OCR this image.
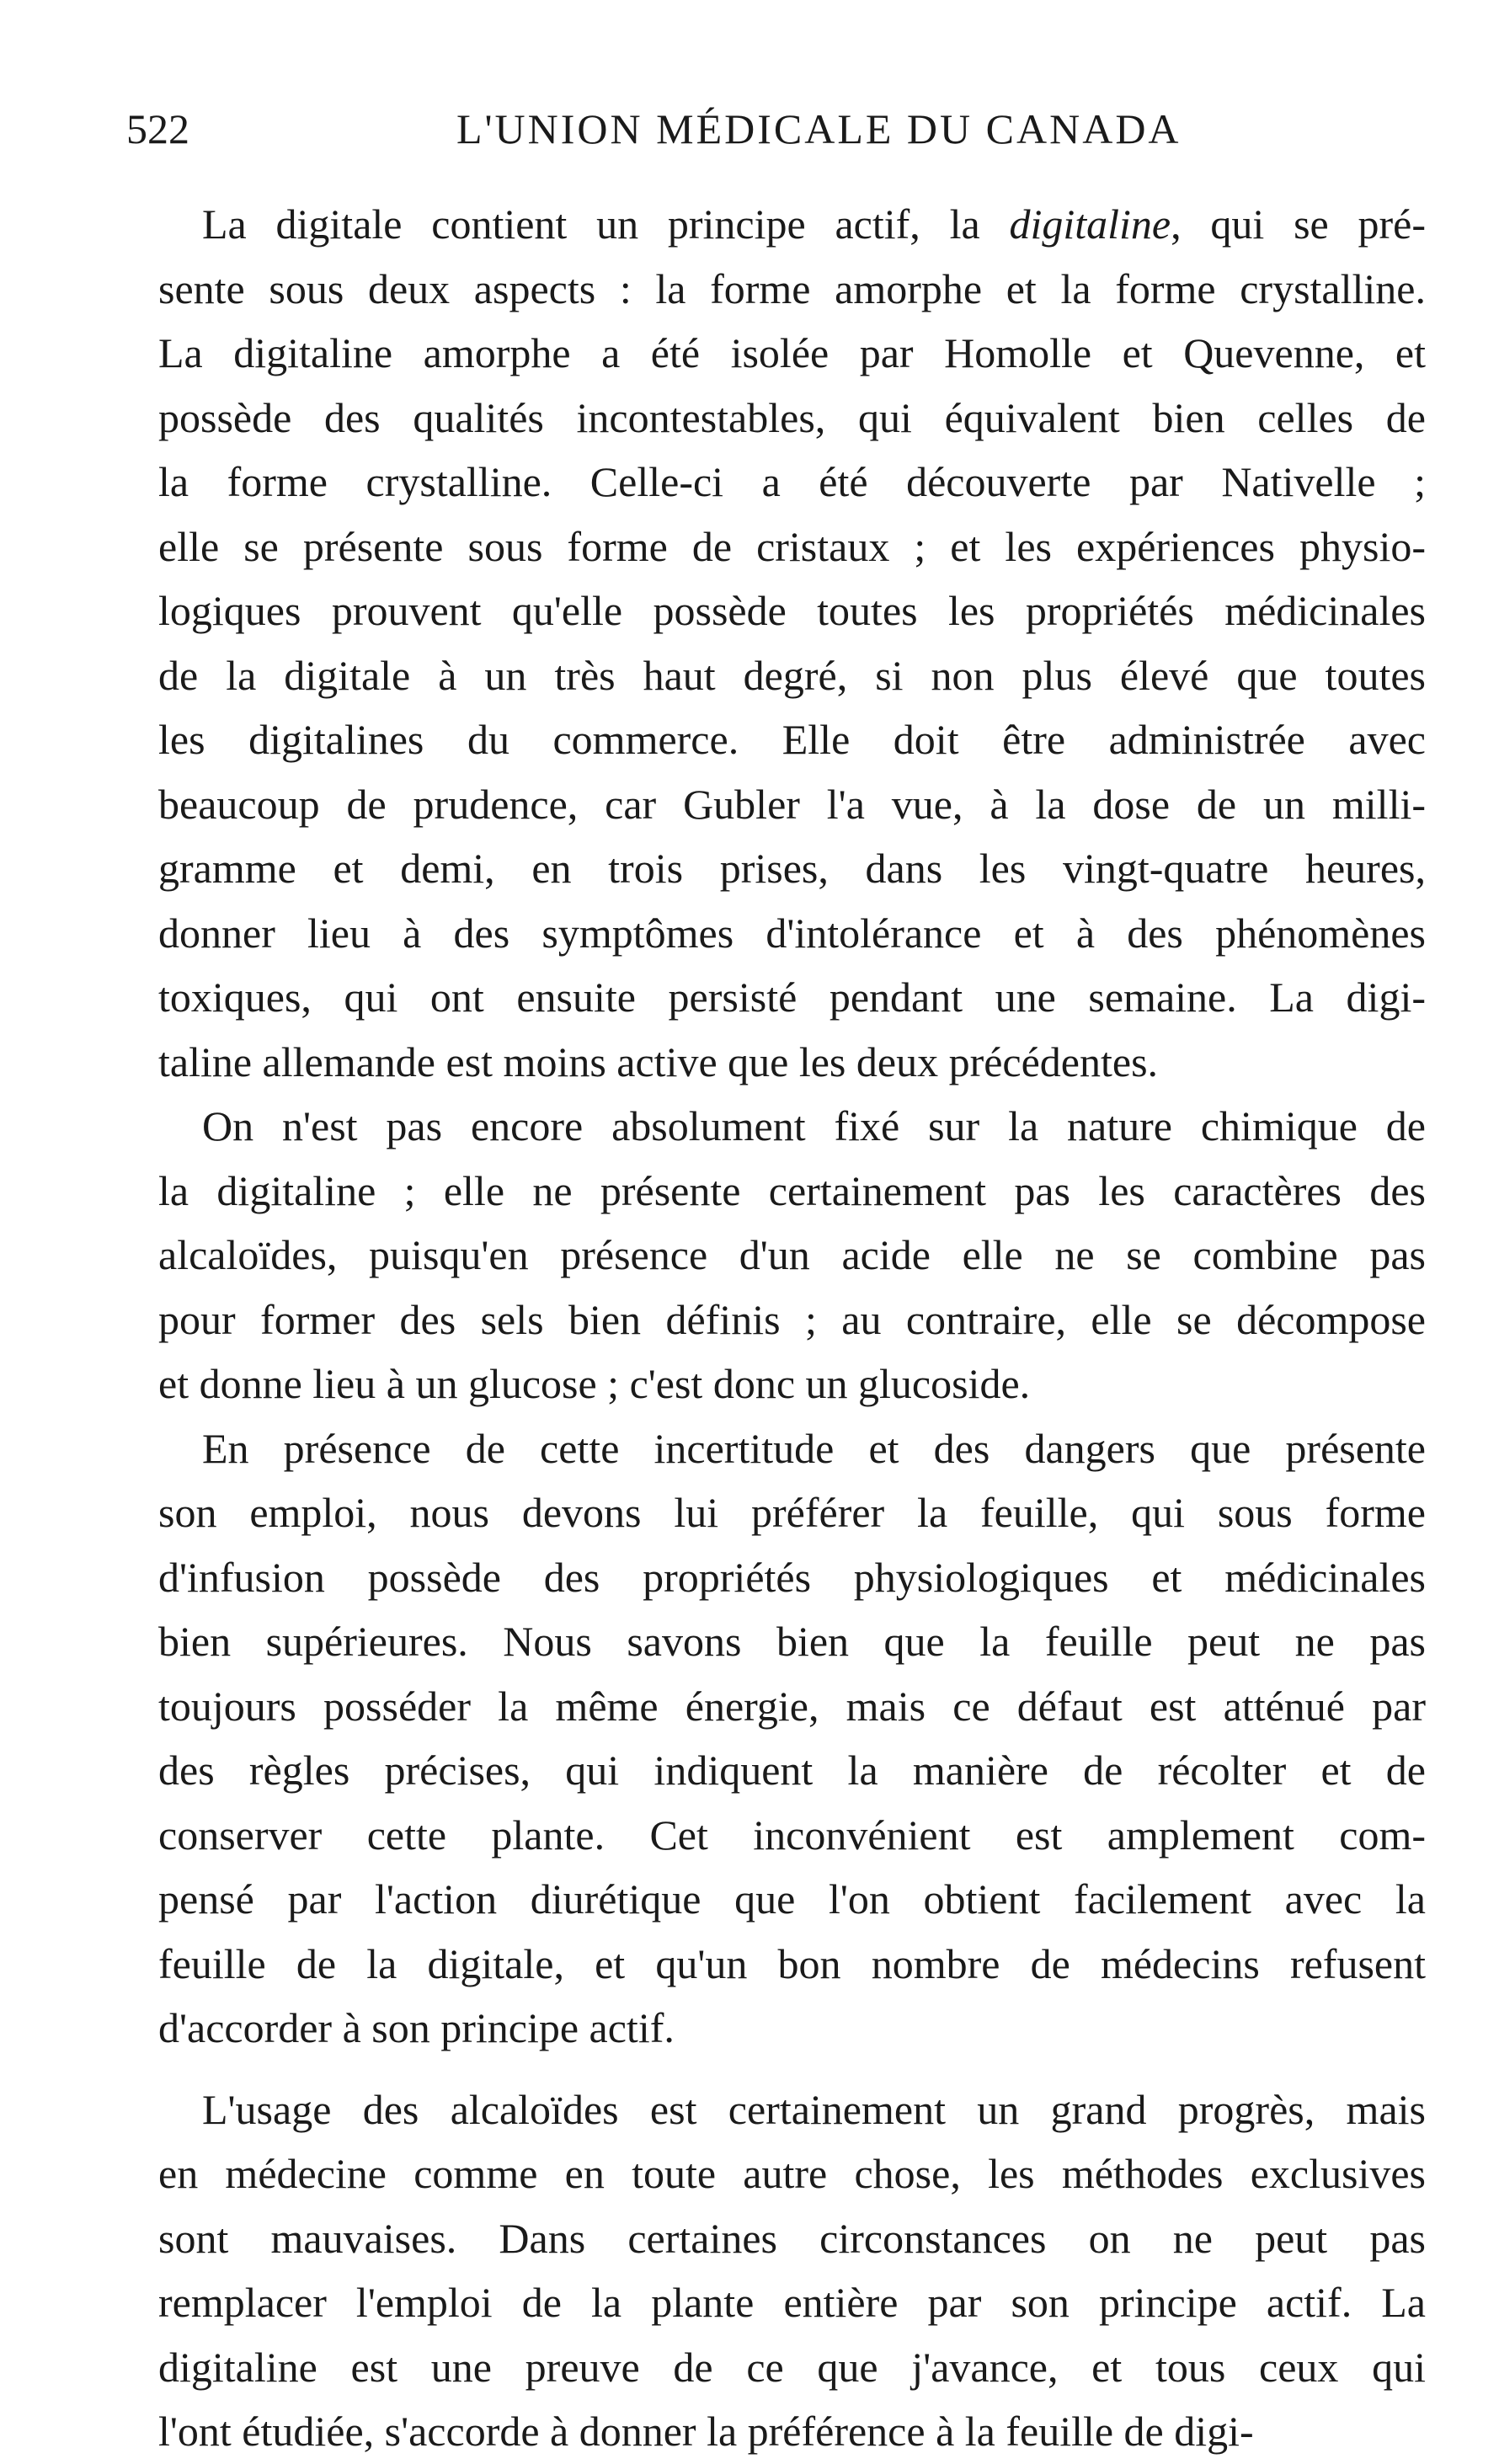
522	L'UNION MÉDICALE DU CANADA
La digitale contient un principe actif, la digitaline, qui se pré-
sente sous deux aspects : la forme amorphe et la forme crystalline.
La digitaline amorphe a été isolée par Homolle et Quevenne, et
possède des qualités incontestables, qui équivalent bien celles de
la forme crystalline. Celle-ci a été découverte par Nativelle ;
elle se présente sous forme de cristaux ; et les expériences physio-
logiques prouvent qu'elle possède toutes les propriétés médicinales
de la digitale à un très haut degré, si non plus élevé que toutes
les digitalines du commerce. Elle doit être administrée avec
beaucoup de prudence, car Gubler l'a vue, à la dose de un milli-
gramme et demi, en trois prises, dans les vingt-quatre heures,
donner lieu à des symptômes d'intolérance et à des phénomènes
toxiques, qui ont ensuite persisté pendant une semaine. La digi-
taline allemande est moins active que les deux précédentes.
On n'est pas encore absolument fixé sur la nature chimique de
la digitaline ; elle ne présente certainement pas les caractères des
alcaloïdes, puisqu'en présence d'un acide elle ne se combine pas
pour former des sels bien définis ; au contraire, elle se décompose
et donne lieu à un glucose ; c'est donc un glucoside.
En présence de cette incertitude et des dangers que présente
son emploi, nous devons lui préférer la feuille, qui sous forme
d'infusion possède des propriétés physiologiques et médicinales
bien supérieures. Nous savons bien que la feuille peut ne pas
toujours posséder la même énergie, mais ce défaut est atténué par
des règles précises, qui indiquent la manière de récolter et de
conserver cette plante. Cet inconvénient est amplement com-
pensé par l'action diurétique que l'on obtient facilement avec la
feuille de la digitale, et qu'un bon nombre de médecins refusent
d'accorder à son principe actif.
L'usage des alcaloïdes est certainement un grand progrès, mais
en médecine comme en toute autre chose, les méthodes exclusives
sont mauvaises. Dans certaines circonstances on ne peut pas
remplacer l'emploi de la plante entière par son principe actif. La
digitaline est une preuve de ce que j'avance, et tous ceux qui
l'ont étudiée, s'accorde à donner la préférence à la feuille de digi-
